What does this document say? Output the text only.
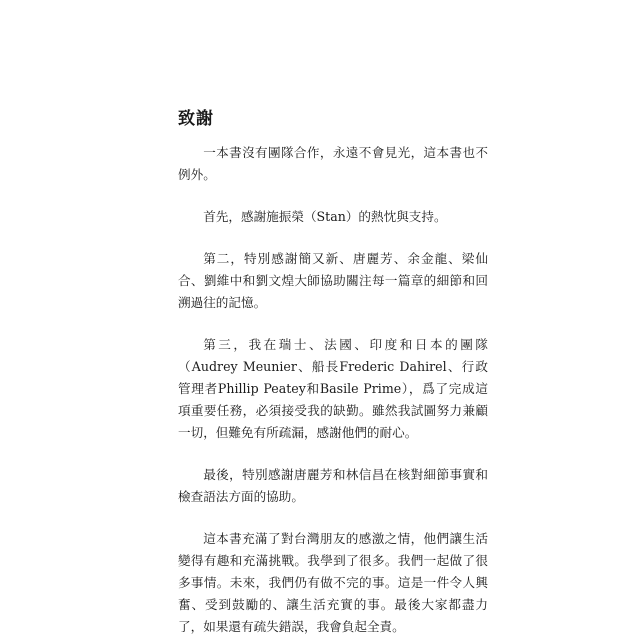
致謝

一本書沒有團隊合作，永遠不會見光，這本書也不例外。

首先，感謝施振榮（Stan）的熱忱與支持。

第二，特別感謝簡又新、唐麗芳、余金龍、梁仙合、劉維中和劉文煌大師協助關注每一篇章的細節和回溯過往的記憶。

第三，我在瑞士、法國、印度和日本的團隊（Audrey Meunier、船長Frederic Dahirel、行政管理者Phillip Peatey和Basile Prime），爲了完成這項重要任務，必須接受我的缺勤。雖然我試圖努力兼顧一切，但難免有所疏漏，感謝他們的耐心。

最後，特別感謝唐麗芳和林信昌在核對細節事實和檢查語法方面的協助。

這本書充滿了對台灣朋友的感激之情，他們讓生活變得有趣和充滿挑戰。我學到了很多。我們一起做了很多事情。未來，我們仍有做不完的事。這是一件令人興奮、受到鼓勵的、讓生活充實的事。最後大家都盡力了，如果還有疏失錯誤，我會負起全責。
